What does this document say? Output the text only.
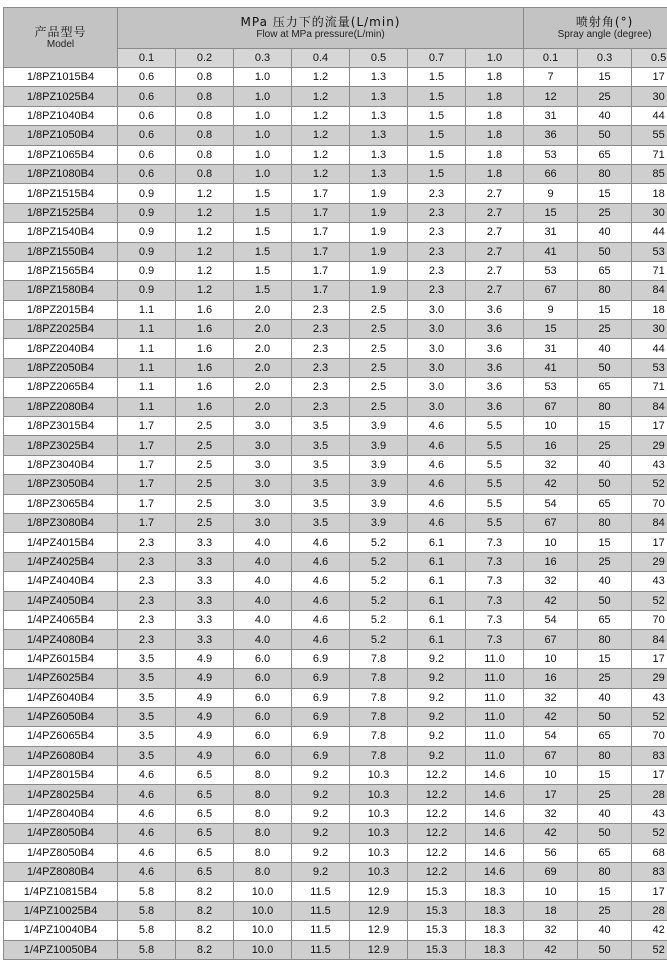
产品型号
Model	MPa 压力下的流量(L/min)
Flow at MPa pressure(L/min)							喷射角(°)
Spray angle (degree)		

	0.1	0.2	0.3	0.4	0.5	0.7	1.0	0.1	0.3	0.5
1/8PZ1015B4	0.6	0.8	1.0	1.2	1.3	1.5	1.8	7	15	17
1/8PZ1025B4	0.6	0.8	1.0	1.2	1.3	1.5	1.8	12	25	30
1/8PZ1040B4	0.6	0.8	1.0	1.2	1.3	1.5	1.8	31	40	44
1/8PZ1050B4	0.6	0.8	1.0	1.2	1.3	1.5	1.8	36	50	55
1/8PZ1065B4	0.6	0.8	1.0	1.2	1.3	1.5	1.8	53	65	71
1/8PZ1080B4	0.6	0.8	1.0	1.2	1.3	1.5	1.8	66	80	85
1/8PZ1515B4	0.9	1.2	1.5	1.7	1.9	2.3	2.7	9	15	18
1/8PZ1525B4	0.9	1.2	1.5	1.7	1.9	2.3	2.7	15	25	30
1/8PZ1540B4	0.9	1.2	1.5	1.7	1.9	2.3	2.7	31	40	44
1/8PZ1550B4	0.9	1.2	1.5	1.7	1.9	2.3	2.7	41	50	53
1/8PZ1565B4	0.9	1.2	1.5	1.7	1.9	2.3	2.7	53	65	71
1/8PZ1580B4	0.9	1.2	1.5	1.7	1.9	2.3	2.7	67	80	84
1/8PZ2015B4	1.1	1.6	2.0	2.3	2.5	3.0	3.6	9	15	18
1/8PZ2025B4	1.1	1.6	2.0	2.3	2.5	3.0	3.6	15	25	30
1/8PZ2040B4	1.1	1.6	2.0	2.3	2.5	3.0	3.6	31	40	44
1/8PZ2050B4	1.1	1.6	2.0	2.3	2.5	3.0	3.6	41	50	53
1/8PZ2065B4	1.1	1.6	2.0	2.3	2.5	3.0	3.6	53	65	71
1/8PZ2080B4	1.1	1.6	2.0	2.3	2.5	3.0	3.6	67	80	84
1/8PZ3015B4	1.7	2.5	3.0	3.5	3.9	4.6	5.5	10	15	17
1/8PZ3025B4	1.7	2.5	3.0	3.5	3.9	4.6	5.5	16	25	29
1/8PZ3040B4	1.7	2.5	3.0	3.5	3.9	4.6	5.5	32	40	43
1/8PZ3050B4	1.7	2.5	3.0	3.5	3.9	4.6	5.5	42	50	52
1/8PZ3065B4	1.7	2.5	3.0	3.5	3.9	4.6	5.5	54	65	70
1/8PZ3080B4	1.7	2.5	3.0	3.5	3.9	4.6	5.5	67	80	84
1/4PZ4015B4	2.3	3.3	4.0	4.6	5.2	6.1	7.3	10	15	17
1/4PZ4025B4	2.3	3.3	4.0	4.6	5.2	6.1	7.3	16	25	29
1/4PZ4040B4	2.3	3.3	4.0	4.6	5.2	6.1	7.3	32	40	43
1/4PZ4050B4	2.3	3.3	4.0	4.6	5.2	6.1	7.3	42	50	52
1/4PZ4065B4	2.3	3.3	4.0	4.6	5.2	6.1	7.3	54	65	70
1/4PZ4080B4	2.3	3.3	4.0	4.6	5.2	6.1	7.3	67	80	84
1/4PZ6015B4	3.5	4.9	6.0	6.9	7.8	9.2	11.0	10	15	17
1/4PZ6025B4	3.5	4.9	6.0	6.9	7.8	9.2	11.0	16	25	29
1/4PZ6040B4	3.5	4.9	6.0	6.9	7.8	9.2	11.0	32	40	43
1/4PZ6050B4	3.5	4.9	6.0	6.9	7.8	9.2	11.0	42	50	52
1/4PZ6065B4	3.5	4.9	6.0	6.9	7.8	9.2	11.0	54	65	70
1/4PZ6080B4	3.5	4.9	6.0	6.9	7.8	9.2	11.0	67	80	83
1/4PZ8015B4	4.6	6.5	8.0	9.2	10.3	12.2	14.6	10	15	17
1/4PZ8025B4	4.6	6.5	8.0	9.2	10.3	12.2	14.6	17	25	28
1/4PZ8040B4	4.6	6.5	8.0	9.2	10.3	12.2	14.6	32	40	43
1/4PZ8050B4	4.6	6.5	8.0	9.2	10.3	12.2	14.6	42	50	52
1/4PZ8050B4	4.6	6.5	8.0	9.2	10.3	12.2	14.6	56	65	68
1/4PZ8080B4	4.6	6.5	8.0	9.2	10.3	12.2	14.6	69	80	83
1/4PZ10815B4	5.8	8.2	10.0	11.5	12.9	15.3	18.3	10	15	17
1/4PZ10025B4	5.8	8.2	10.0	11.5	12.9	15.3	18.3	18	25	28
1/4PZ10040B4	5.8	8.2	10.0	11.5	12.9	15.3	18.3	32	40	42
1/4PZ10050B4	5.8	8.2	10.0	11.5	12.9	15.3	18.3	42	50	52
